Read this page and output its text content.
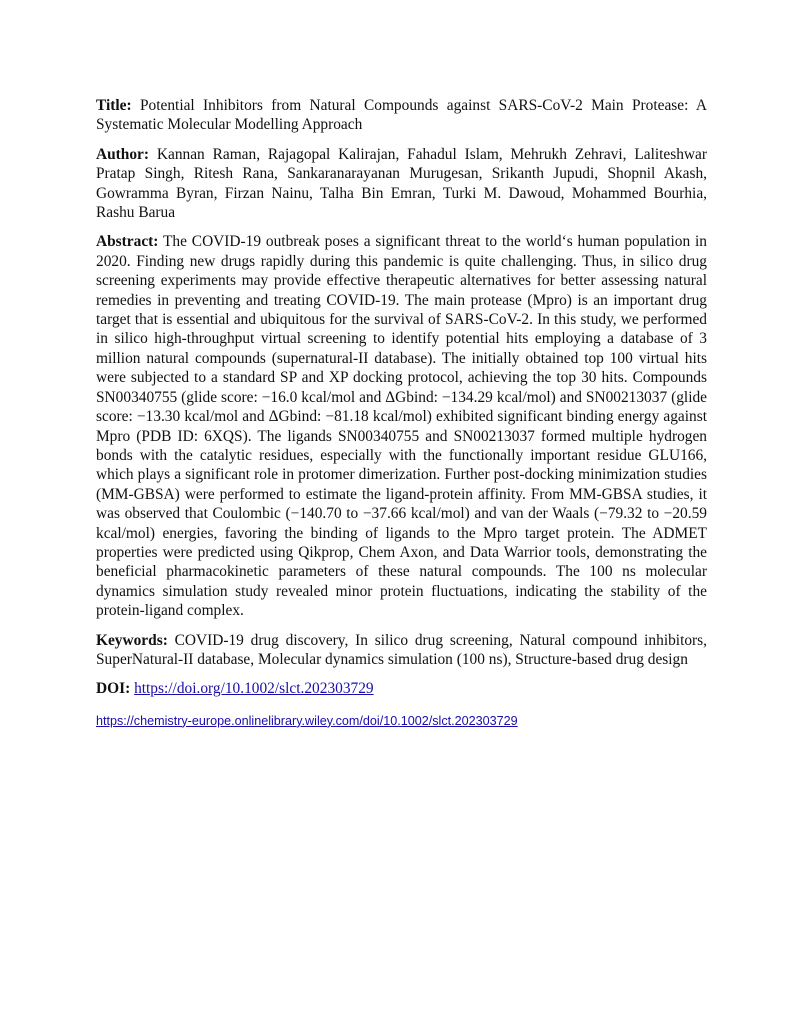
Title: Potential Inhibitors from Natural Compounds against SARS-CoV-2 Main Protease: A Systematic Molecular Modelling Approach

Author: Kannan Raman, Rajagopal Kalirajan, Fahadul Islam, Mehrukh Zehravi, Laliteshwar Pratap Singh, Ritesh Rana, Sankaranarayanan Murugesan, Srikanth Jupudi, Shopnil Akash, Gowramma Byran, Firzan Nainu, Talha Bin Emran, Turki M. Dawoud, Mohammed Bourhia, Rashu Barua

Abstract: The COVID-19 outbreak poses a significant threat to the world‘s human population in 2020. Finding new drugs rapidly during this pandemic is quite challenging. Thus, in silico drug screening experiments may provide effective therapeutic alternatives for better assessing natural remedies in preventing and treating COVID-19. The main protease (Mpro) is an important drug target that is essential and ubiquitous for the survival of SARS-CoV-2. In this study, we performed in silico high-throughput virtual screening to identify potential hits employing a database of 3 million natural compounds (supernatural-II database). The initially obtained top 100 virtual hits were subjected to a standard SP and XP docking protocol, achieving the top 30 hits. Compounds SN00340755 (glide score: −16.0 kcal/mol and ΔGbind: −134.29 kcal/mol) and SN00213037 (glide score: −13.30 kcal/mol and ΔGbind: −81.18 kcal/mol) exhibited significant binding energy against Mpro (PDB ID: 6XQS). The ligands SN00340755 and SN00213037 formed multiple hydrogen bonds with the catalytic residues, especially with the functionally important residue GLU166, which plays a significant role in protomer dimerization. Further post-docking minimization studies (MM-GBSA) were performed to estimate the ligand-protein affinity. From MM-GBSA studies, it was observed that Coulombic (−140.70 to −37.66 kcal/mol) and van der Waals (−79.32 to −20.59 kcal/mol) energies, favoring the binding of ligands to the Mpro target protein. The ADMET properties were predicted using Qikprop, Chem Axon, and Data Warrior tools, demonstrating the beneficial pharmacokinetic parameters of these natural compounds. The 100 ns molecular dynamics simulation study revealed minor protein fluctuations, indicating the stability of the protein-ligand complex.

Keywords: COVID-19 drug discovery, In silico drug screening, Natural compound inhibitors, SuperNatural-II database, Molecular dynamics simulation (100 ns), Structure-based drug design

DOI: https://doi.org/10.1002/slct.202303729

https://chemistry-europe.onlinelibrary.wiley.com/doi/10.1002/slct.202303729
